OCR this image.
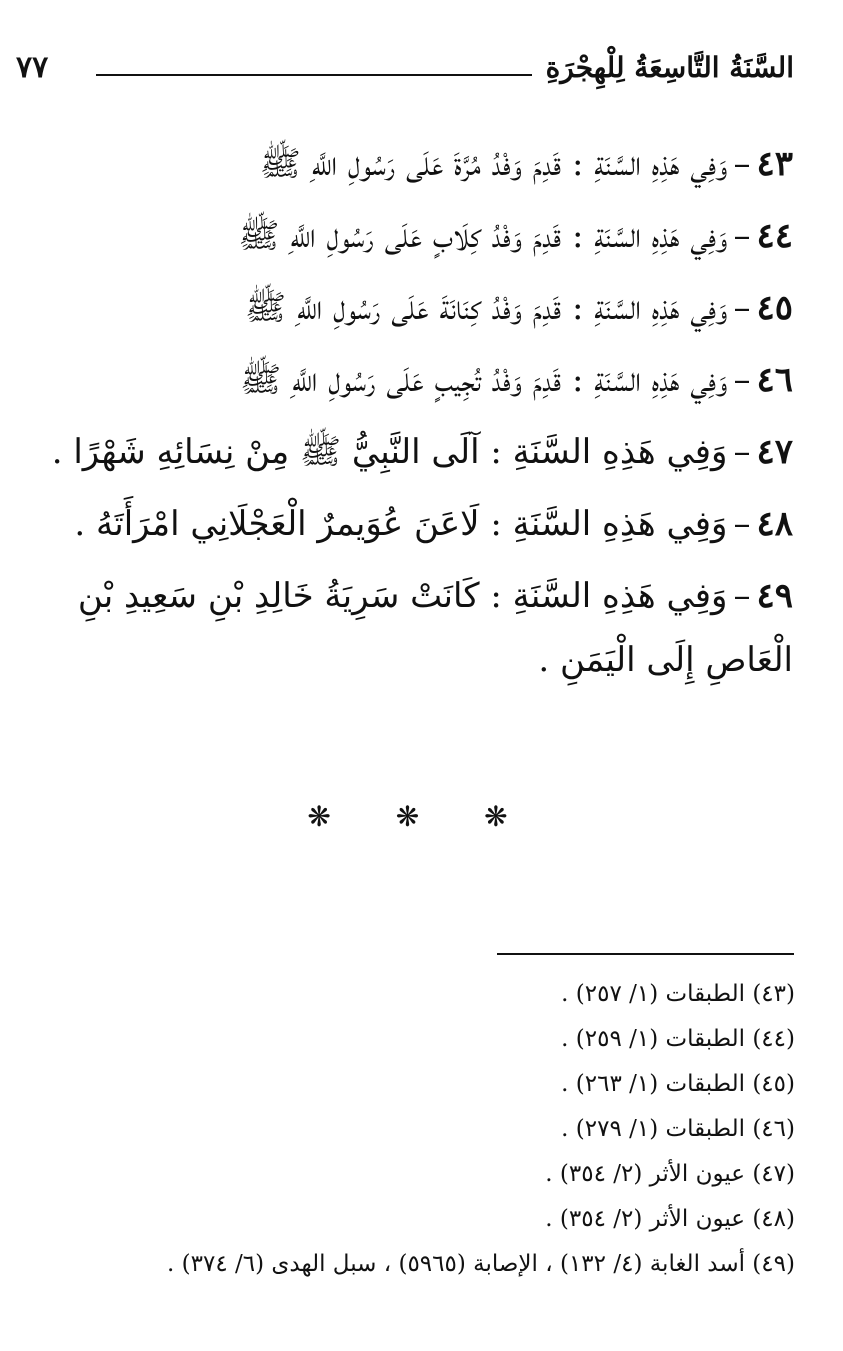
٧٧	السَّنَةُ التَّاسِعَةُ لِلْهِجْرَةِ
٤٣–وَفِي هَذِهِ السَّنَةِ : قَدِمَ وَفْدُ مُرَّةَ عَلَى رَسُولِ اللَّهِ ﷺ
٤٤–وَفِي هَذِهِ السَّنَةِ : قَدِمَ وَفْدُ كِلَابٍ عَلَى رَسُولِ اللَّهِ ﷺ
٤٥–وَفِي هَذِهِ السَّنَةِ : قَدِمَ وَفْدُ كِنَانَةَ عَلَى رَسُولِ اللَّهِ ﷺ
٤٦–وَفِي هَذِهِ السَّنَةِ : قَدِمَ وَفْدُ تُجِيبٍ عَلَى رَسُولِ اللَّهِ ﷺ
٤٧–وَفِي هَذِهِ السَّنَةِ : آلَى النَّبِيُّ ﷺ مِنْ نِسَائِهِ شَهْرًا .
٤٨–وَفِي هَذِهِ السَّنَةِ : لَاعَنَ عُوَيمرٌ الْعَجْلَانِي امْرَأَتَهُ .
٤٩–وَفِي هَذِهِ السَّنَةِ : كَانَتْ سَرِيَةُ خَالِدِ بْنِ سَعِيدِ بْنِ الْعَاصِ إِلَى الْيَمَنِ .
❋ ❋ ❋
(٤٣) الطبقات (١/ ٢٥٧) .
(٤٤) الطبقات (١/ ٢٥٩) .
(٤٥) الطبقات (١/ ٢٦٣) .
(٤٦) الطبقات (١/ ٢٧٩) .
(٤٧) عيون الأثر (٢/ ٣٥٤) .
(٤٨) عيون الأثر (٢/ ٣٥٤) .
(٤٩) أسد الغابة (٤/ ١٣٢) ، الإصابة (٥٩٦٥) ، سبل الهدى (٦/ ٣٧٤) .
